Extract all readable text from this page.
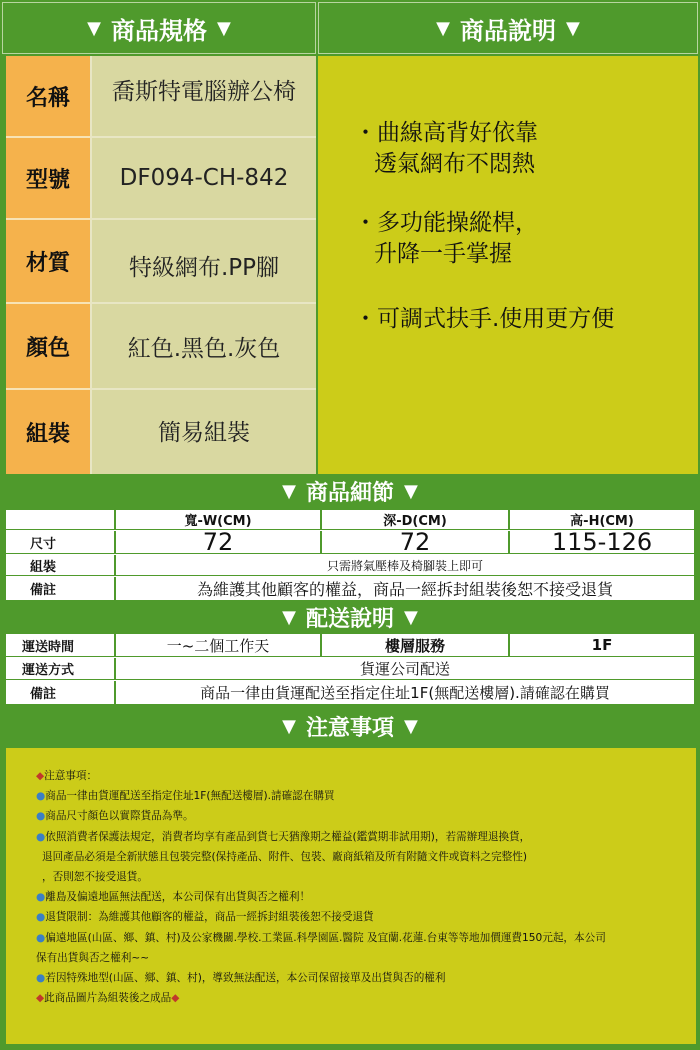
▼ 商品規格 ▼	▼ 商品說明 ▼
名稱	喬斯特電腦辦公椅
型號	DF094-CH-842
材質	特級網布.PP腳
顏色	紅色.黑色.灰色
組裝	簡易組裝
・曲線高背好依靠
透氣網布不悶熱
・多功能操縱桿，
升降一手掌握
・可調式扶手.使用更方便
▼ 商品細節 ▼
寬-W(CM)	深-D(CM)	高-H(CM)
尺寸	72	72	115-126
組裝	只需將氣壓棒及椅腳裝上即可
備註	為維護其他顧客的權益，商品一經拆封組裝後恕不接受退貨
▼ 配送說明 ▼
運送時間	一~二個工作天	樓層服務	1F
運送方式	貨運公司配送
備註	商品一律由貨運配送至指定住址1F(無配送樓層).請確認在購買
▼ 注意事項 ▼
◆注意事項：
●商品一律由貨運配送至指定住址1F(無配送樓層).請確認在購買
●商品尺寸顏色以實際貨品為準。
●依照消費者保護法規定，消費者均享有產品到貨七天猶豫期之權益(鑑賞期非試用期)，若需辦理退換貨，
退回產品必須是全新狀態且包裝完整(保持產品、附件、包裝、廠商紙箱及所有附隨文件或資料之完整性)
，否則恕不接受退貨。
●離島及偏遠地區無法配送，本公司保有出貨與否之權利！
●退貨限制：為維護其他顧客的權益，商品一經拆封組裝後恕不接受退貨
●偏遠地區(山區、鄉、鎮、村)及公家機關.學校.工業區.科學園區.醫院 及宜蘭.花蓮.台東等等地加價運費150元起，本公司
保有出貨與否之權利~~
●若因特殊地型(山區、鄉、鎮、村)，導致無法配送，本公司保留接單及出貨與否的權利
◆此商品圖片為組裝後之成品◆
